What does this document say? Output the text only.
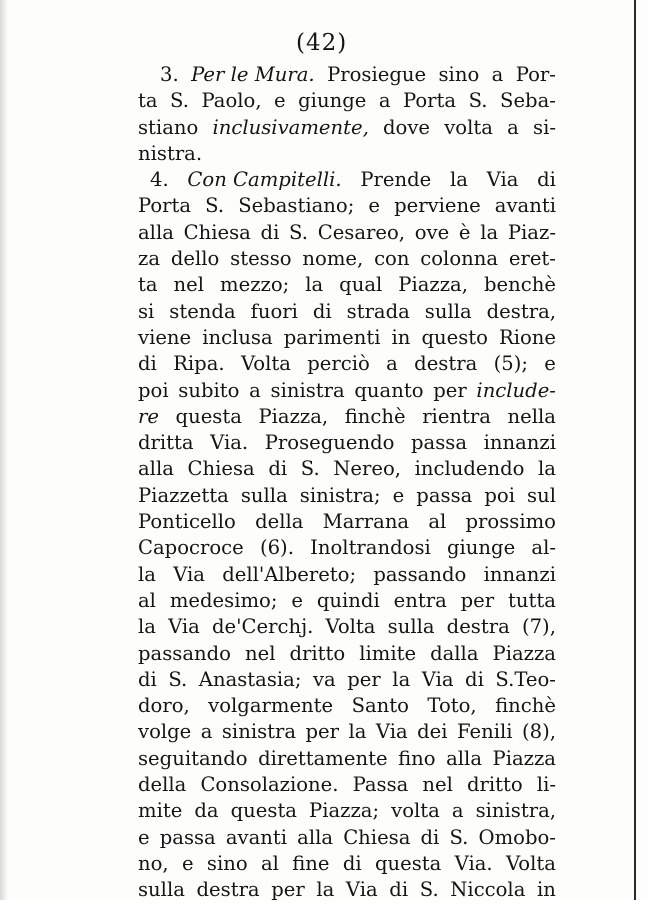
(42)
3. Per le Mura. Prosiegue sino a Por-
ta S. Paolo, e giunge a Porta S. Seba-
stiano inclusivamente, dove volta a si-
nistra.
4. Con Campitelli. Prende la Via di
Porta S. Sebastiano; e perviene avanti
alla Chiesa di S. Cesareo, ove è la Piaz-
za dello stesso nome, con colonna eret-
ta nel mezzo; la qual Piazza, benchè
si stenda fuori di strada sulla destra,
viene inclusa parimenti in questo Rione
di Ripa. Volta perciò a destra (5); e
poi subito a sinistra quanto per include-
re questa Piazza, finchè rientra nella
dritta Via. Proseguendo passa innanzi
alla Chiesa di S. Nereo, includendo la
Piazzetta sulla sinistra; e passa poi sul
Ponticello della Marrana al prossimo
Capocroce (6). Inoltrandosi giunge al-
la Via dell'Albereto; passando innanzi
al medesimo; e quindi entra per tutta
la Via de'Cerchj. Volta sulla destra (7),
passando nel dritto limite dalla Piazza
di S. Anastasia; va per la Via di S.Teo-
doro, volgarmente Santo Toto, finchè
volge a sinistra per la Via dei Fenili (8),
seguitando direttamente fino alla Piazza
della Consolazione. Passa nel dritto li-
mite da questa Piazza; volta a sinistra,
e passa avanti alla Chiesa di S. Omobo-
no, e sino al fine di questa Via. Volta
sulla destra per la Via di S. Niccola in
